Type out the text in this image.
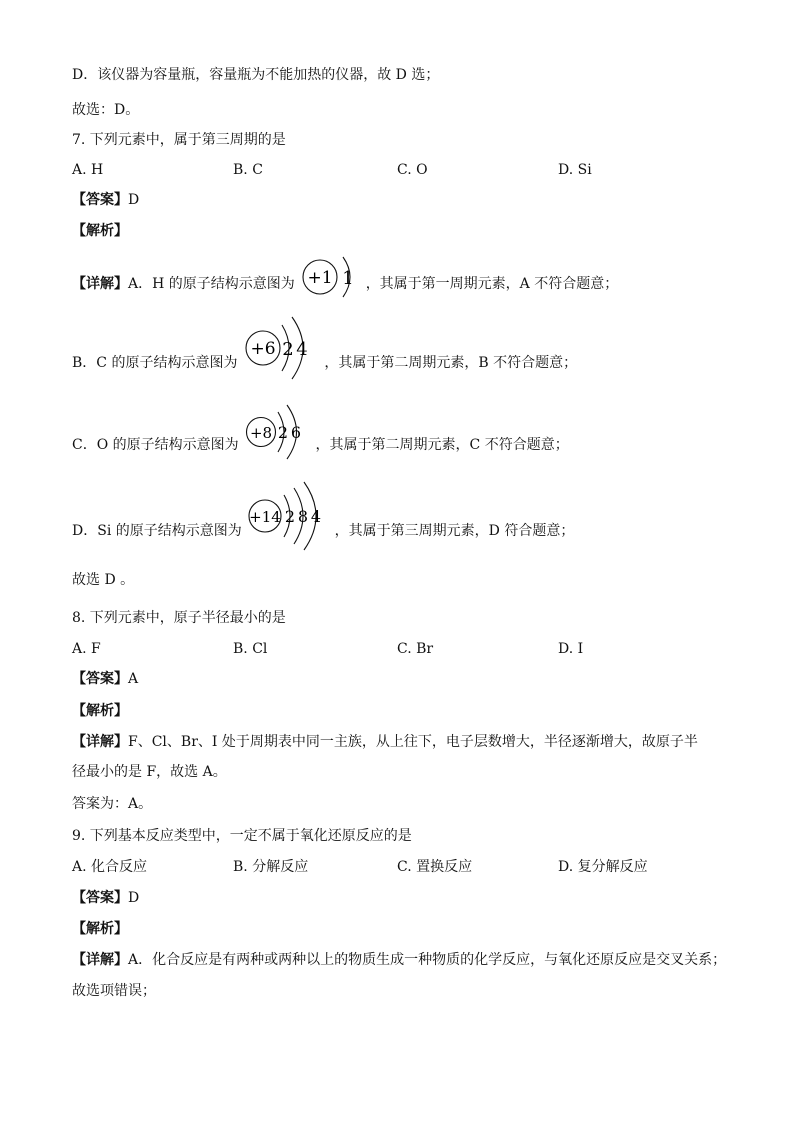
D．该仪器为容量瓶，容量瓶为不能加热的仪器，故 D 选；
故选：D。
7. 下列元素中，属于第三周期的是
A. H	B. C	C. O	D. Si
【答案】D
【解析】
【详解】A．H 的原子结构示意图为 +1 1 ，其属于第一周期元素，A 不符合题意；
B．C 的原子结构示意图为
+6 2 4
，其属于第二周期元素，B 不符合题意；
C．O 的原子结构示意图为
+8 2 6
，其属于第二周期元素，C 不符合题意；
D．Si 的原子结构示意图为
+14 2 8 4
，其属于第三周期元素，D 符合题意；
故选 D 。
8. 下列元素中，原子半径最小的是
A. F	B. Cl	C. Br	D. I
【答案】A
【解析】
【详解】F、Cl、Br、I 处于周期表中同一主族，从上往下，电子层数增大，半径逐渐增大，故原子半
径最小的是 F，故选 A。
答案为：A。
9. 下列基本反应类型中，一定不属于氧化还原反应的是
A. 化合反应	B. 分解反应	C. 置换反应	D. 复分解反应
【答案】D
【解析】
【详解】A．化合反应是有两种或两种以上的物质生成一种物质的化学反应，与氧化还原反应是交叉关系；
故选项错误；
